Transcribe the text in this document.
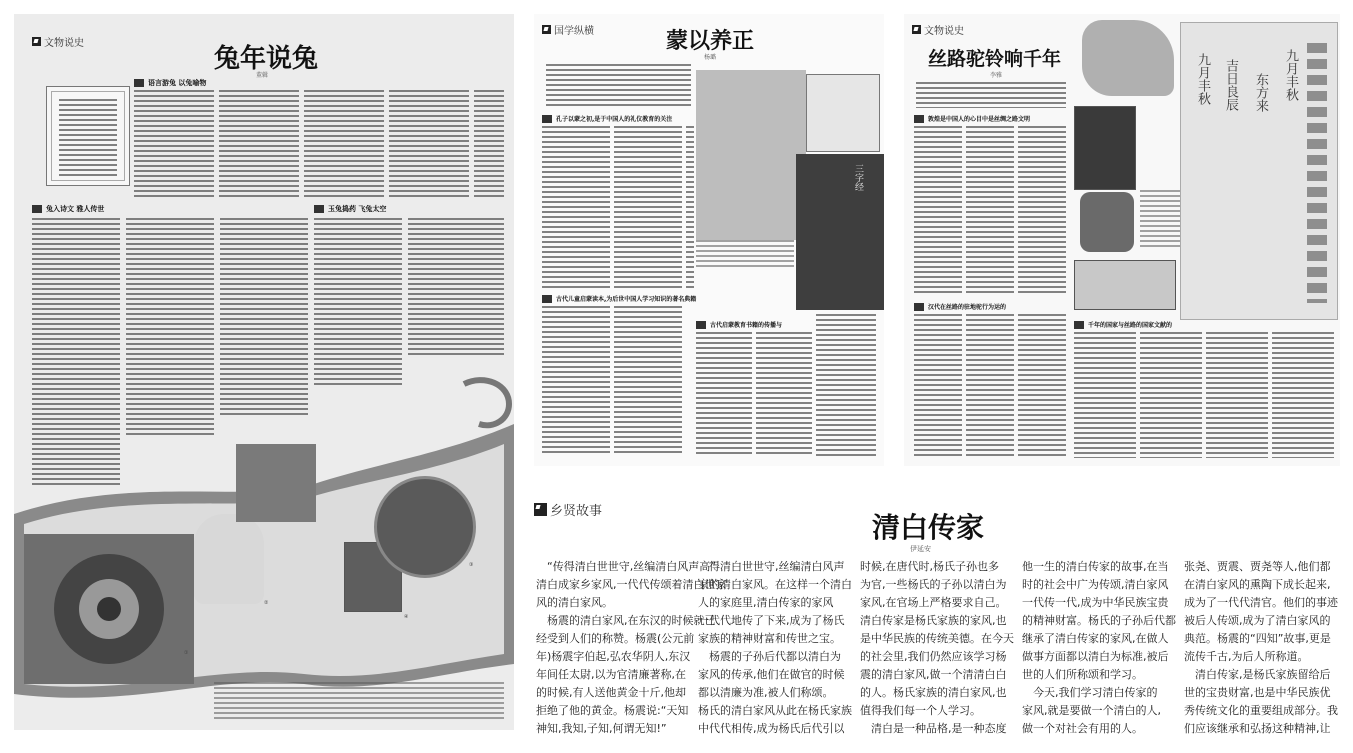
文物说史
兔年说兔
董辑
语言游兔 以兔喻物
兔入诗文 雅人传世	玉兔捣药 飞兔太空
①
②
④
③
国学纵横	蒙以养正
杨璐
孔子以蒙之初,是于中国人的礼仪教育的关注
三字经
古代儿童启蒙读本,为后世中国人学习知识的著名典籍
古代启蒙教育书籍的传播与
文物说史
丝路驼铃响千年
李雅
敦煌是中国人的心目中是丝绸之路文明
汉代在丝路的驻地驼行为运的
九月丰秋 吉日良辰 东方来 九月丰秋
千年的国家与丝路的国家文献的
乡贤故事	清白传家
伊延安
　“传得清白世世守,丝编清白风声高”
清白成家乡家风,一代代传颂着清白世家
风的清白家风。
　杨震的清白家风,在东汉的时候就已
经受到人们的称赞。杨震(公元前
年)杨震字伯起,弘农华阴人,东汉
年间任太尉,以为官清廉著称,在
的时候,有人送他黄金十斤,他却
拒绝了他的黄金。杨震说:“天知
神知,我知,子知,何谓无知!”
　得清白世世守,丝编清白风声
家的清白家风。在这样一个清白
人的家庭里,清白传家的家风
一代代地传了下来,成为了杨氏
家族的精神财富和传世之宝。
　杨震的子孙后代都以清白为
家风的传承,他们在做官的时候
都以清廉为准,被人们称颂。
杨氏的清白家风从此在杨氏家族
中代代相传,成为杨氏后代引以
时候,在唐代时,杨氏子孙也多
为官,一些杨氏的子孙以清白为
家风,在官场上严格要求自己。
清白传家是杨氏家族的家风,也
是中华民族的传统美德。在今天
的社会里,我们仍然应该学习杨
震的清白家风,做一个清清白白
的人。杨氏家族的清白家风,也
值得我们每一个人学习。
　清白是一种品格,是一种态度
他一生的清白传家的故事,在当
时的社会中广为传颂,清白家风
一代传一代,成为中华民族宝贵
的精神财富。杨氏的子孙后代都
继承了清白传家的家风,在做人
做事方面都以清白为标准,被后
世的人们所称颂和学习。
　今天,我们学习清白传家的
家风,就是要做一个清白的人,
做一个对社会有用的人。
张尧、贾震、贾尧等人,他们都
在清白家风的熏陶下成长起来,
成为了一代代清官。他们的事迹
被后人传颂,成为了清白家风的
典范。杨震的“四知”故事,更是
流传千古,为后人所称道。
　清白传家,是杨氏家族留给后
世的宝贵财富,也是中华民族优
秀传统文化的重要组成部分。我
们应该继承和弘扬这种精神,让
